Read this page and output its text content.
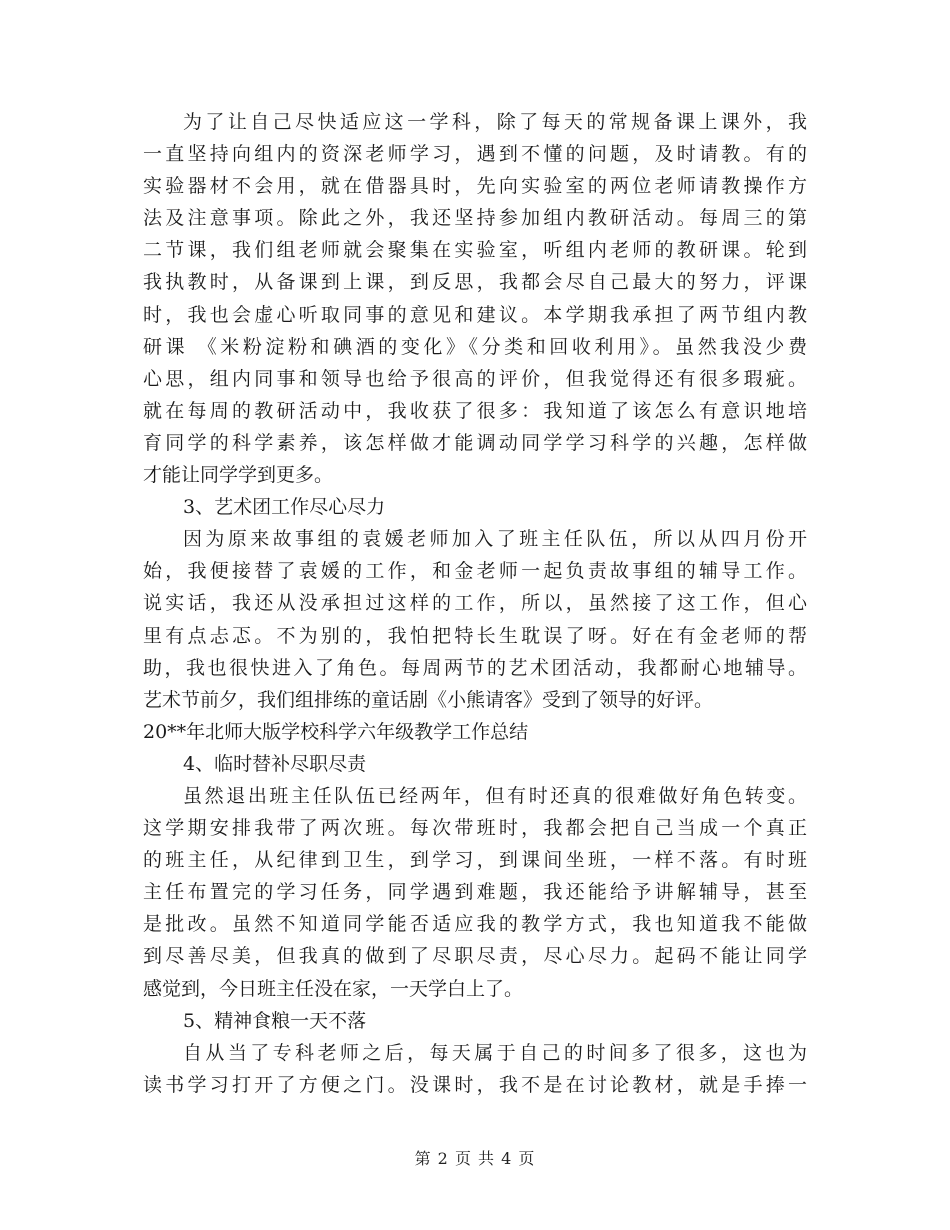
为了让自己尽快适应这一学科，除了每天的常规备课上课外，我
一直坚持向组内的资深老师学习，遇到不懂的问题，及时请教。有的
实验器材不会用，就在借器具时，先向实验室的两位老师请教操作方
法及注意事项。除此之外，我还坚持参加组内教研活动。每周三的第
二节课，我们组老师就会聚集在实验室，听组内老师的教研课。轮到
我执教时，从备课到上课，到反思，我都会尽自己最大的努力，评课
时，我也会虚心听取同事的意见和建议。本学期我承担了两节组内教
研课 《米粉淀粉和碘酒的变化》《分类和回收利用》。虽然我没少费
心思，组内同事和领导也给予很高的评价，但我觉得还有很多瑕疵。
就在每周的教研活动中，我收获了很多：我知道了该怎么有意识地培
育同学的科学素养，该怎样做才能调动同学学习科学的兴趣，怎样做
才能让同学学到更多。
3、艺术团工作尽心尽力
因为原来故事组的袁媛老师加入了班主任队伍，所以从四月份开
始，我便接替了袁媛的工作，和金老师一起负责故事组的辅导工作。
说实话，我还从没承担过这样的工作，所以，虽然接了这工作，但心
里有点忐忑。不为别的，我怕把特长生耽误了呀。好在有金老师的帮
助，我也很快进入了角色。每周两节的艺术团活动，我都耐心地辅导。
艺术节前夕，我们组排练的童话剧《小熊请客》受到了领导的好评。
20**年北师大版学校科学六年级教学工作总结
4、临时替补尽职尽责
虽然退出班主任队伍已经两年，但有时还真的很难做好角色转变。
这学期安排我带了两次班。每次带班时，我都会把自己当成一个真正
的班主任，从纪律到卫生，到学习，到课间坐班，一样不落。有时班
主任布置完的学习任务，同学遇到难题，我还能给予讲解辅导，甚至
是批改。虽然不知道同学能否适应我的教学方式，我也知道我不能做
到尽善尽美，但我真的做到了尽职尽责，尽心尽力。起码不能让同学
感觉到，今日班主任没在家，一天学白上了。
5、精神食粮一天不落
自从当了专科老师之后，每天属于自己的时间多了很多，这也为
读书学习打开了方便之门。没课时，我不是在讨论教材，就是手捧一
第 2 页 共 4 页
